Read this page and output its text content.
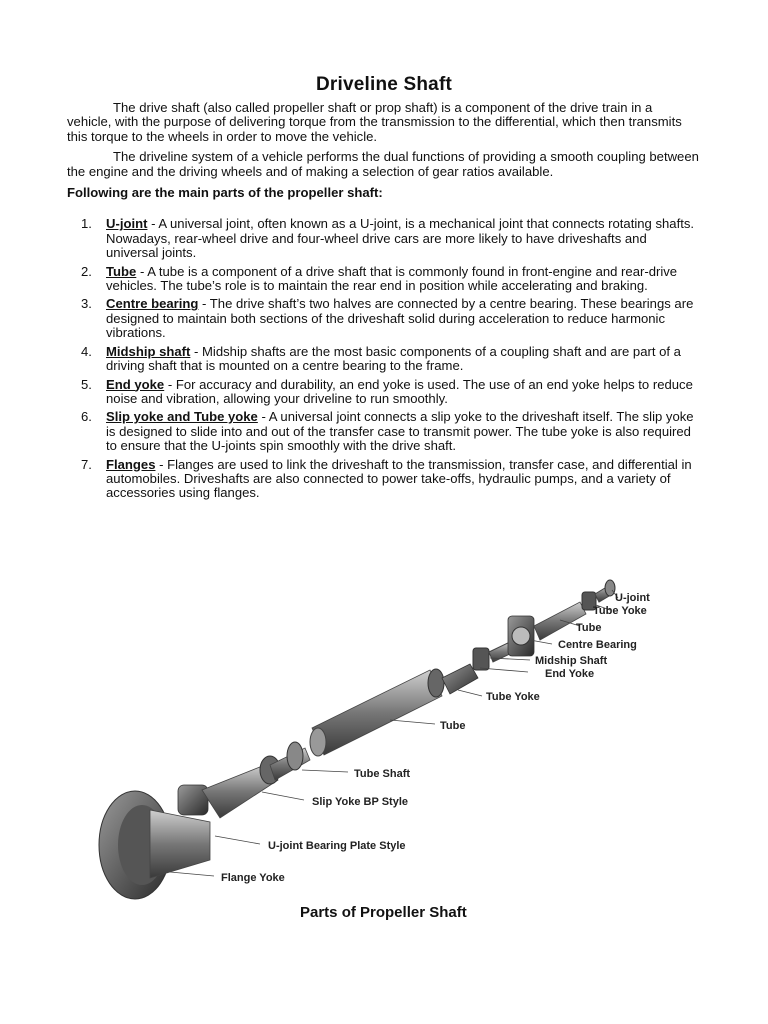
Driveline Shaft

The drive shaft (also called propeller shaft or prop shaft) is a component of the drive train in a vehicle, with the purpose of delivering torque from the transmission to the differential, which then transmits this torque to the wheels in order to move the vehicle.

The driveline system of a vehicle performs the dual functions of providing a smooth coupling between the engine and the driving wheels and of making a selection of gear ratios available.

Following are the main parts of the propeller shaft:
1. U-joint - A universal joint, often known as a U-joint, is a mechanical joint that connects rotating shafts. Nowadays, rear-wheel drive and four-wheel drive cars are more likely to have driveshafts and universal joints.
2. Tube - A tube is a component of a drive shaft that is commonly found in front-engine and rear-drive vehicles. The tube’s role is to maintain the rear end in position while accelerating and braking.
3. Centre bearing - The drive shaft’s two halves are connected by a centre bearing. These bearings are designed to maintain both sections of the driveshaft solid during acceleration to reduce harmonic vibrations.
4. Midship shaft - Midship shafts are the most basic components of a coupling shaft and are part of a driving shaft that is mounted on a centre bearing to the frame.
5. End yoke - For accuracy and durability, an end yoke is used. The use of an end yoke helps to reduce noise and vibration, allowing your driveline to run smoothly.
6. Slip yoke and Tube yoke - A universal joint connects a slip yoke to the driveshaft itself. The slip yoke is designed to slide into and out of the transfer case to transmit power. The tube yoke is also required to ensure that the U-joints spin smoothly with the drive shaft.
7. Flanges - Flanges are used to link the driveshaft to the transmission, transfer case, and differential in automobiles. Driveshafts are also connected to power take-offs, hydraulic pumps, and a variety of accessories using flanges.
U-joint
Tube Yoke
Tube
Centre Bearing
Midship Shaft
End Yoke
Tube Yoke
Tube
Tube Shaft
Slip Yoke BP Style
U-joint Bearing Plate Style
Flange Yoke
Parts of Propeller Shaft
